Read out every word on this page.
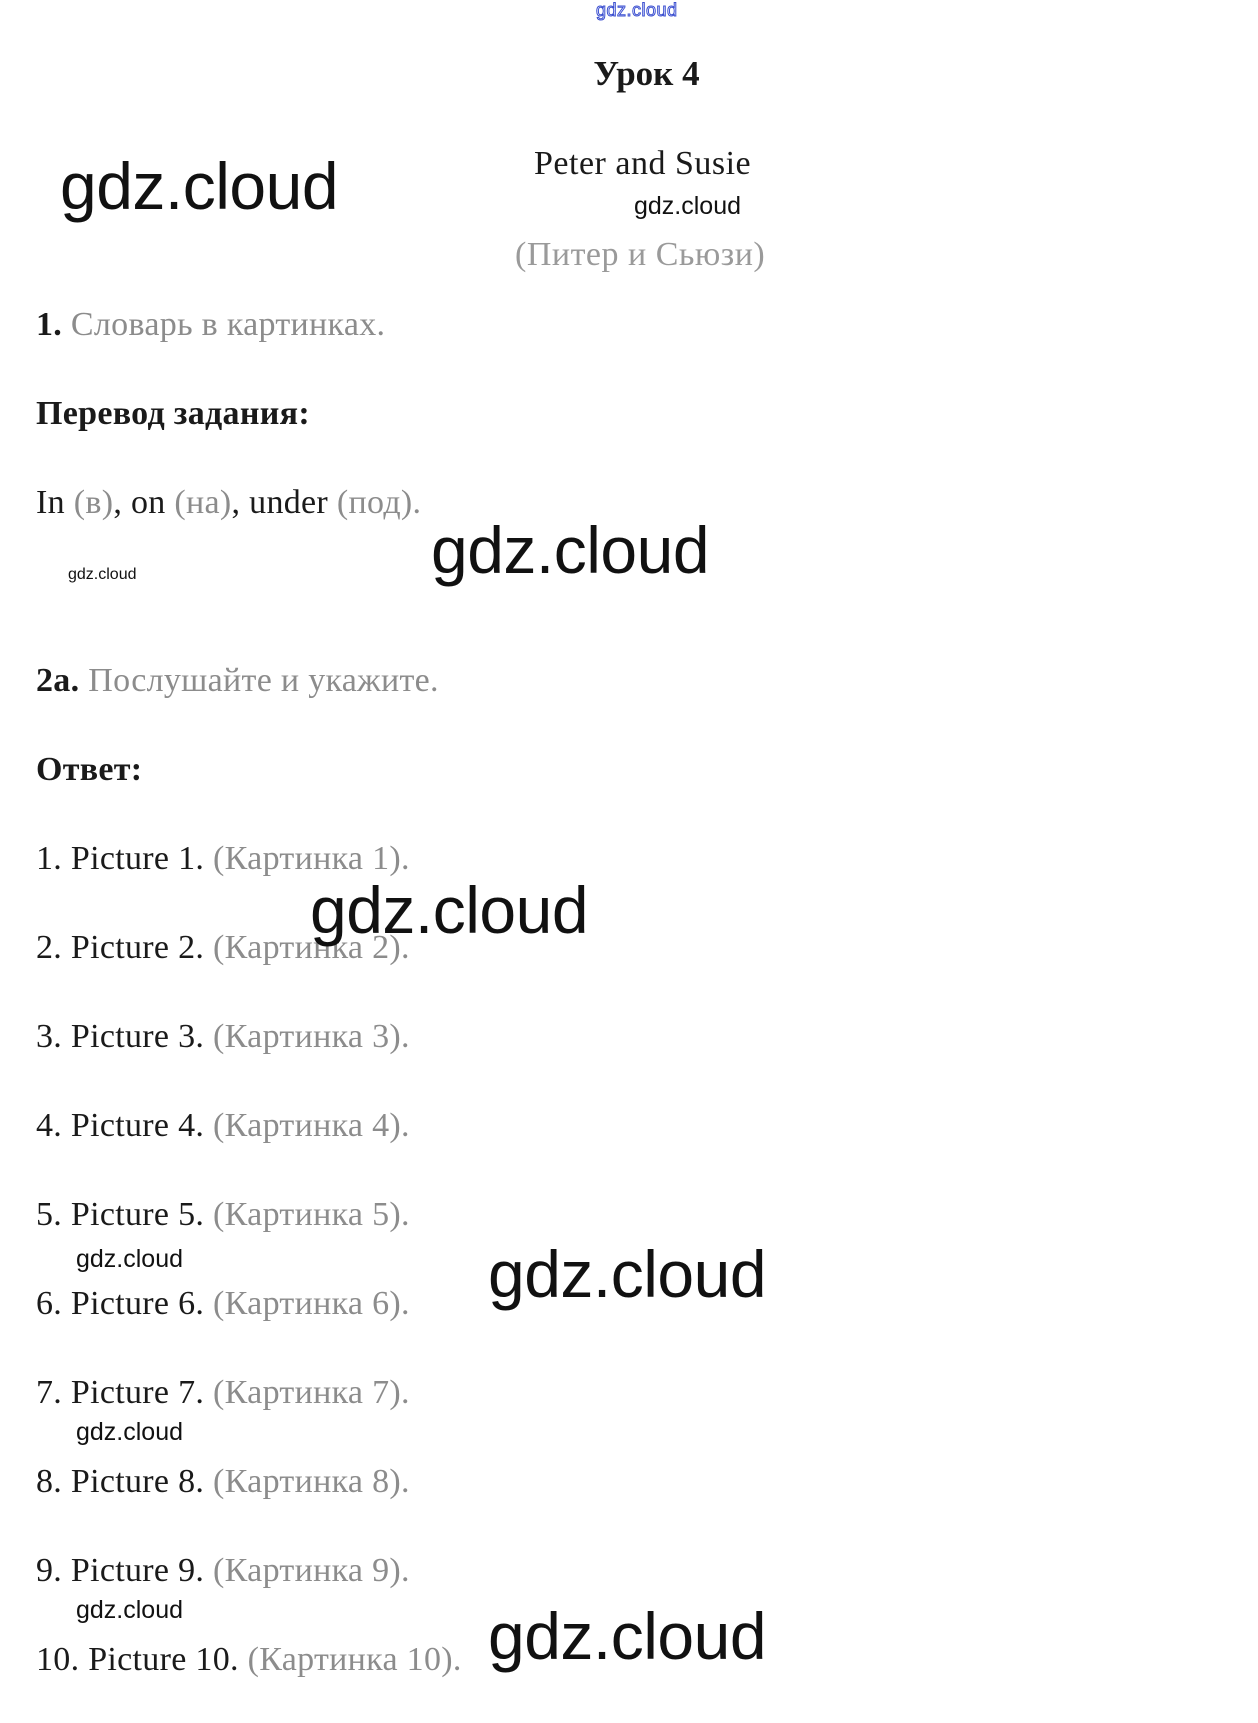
gdz.cloud
Урок 4
Peter and Susie
(Питер и Сьюзи)
1. Словарь в картинках.
Перевод задания:
In (в), on (на), under (под).
2a. Послушайте и укажите.
Ответ:
1. Picture 1. (Картинка 1).
2. Picture 2. (Картинка 2).
3. Picture 3. (Картинка 3).
4. Picture 4. (Картинка 4).
5. Picture 5. (Картинка 5).
6. Picture 6. (Картинка 6).
7. Picture 7. (Картинка 7).
8. Picture 8. (Картинка 8).
9. Picture 9. (Картинка 9).
10. Picture 10. (Картинка 10).
gdz.cloud	gdz.cloud
gdz.cloud
gdz.cloud
gdz.cloud
gdz.cloud
gdz.cloud
gdz.cloud
gdz.cloud	gdz.cloud
